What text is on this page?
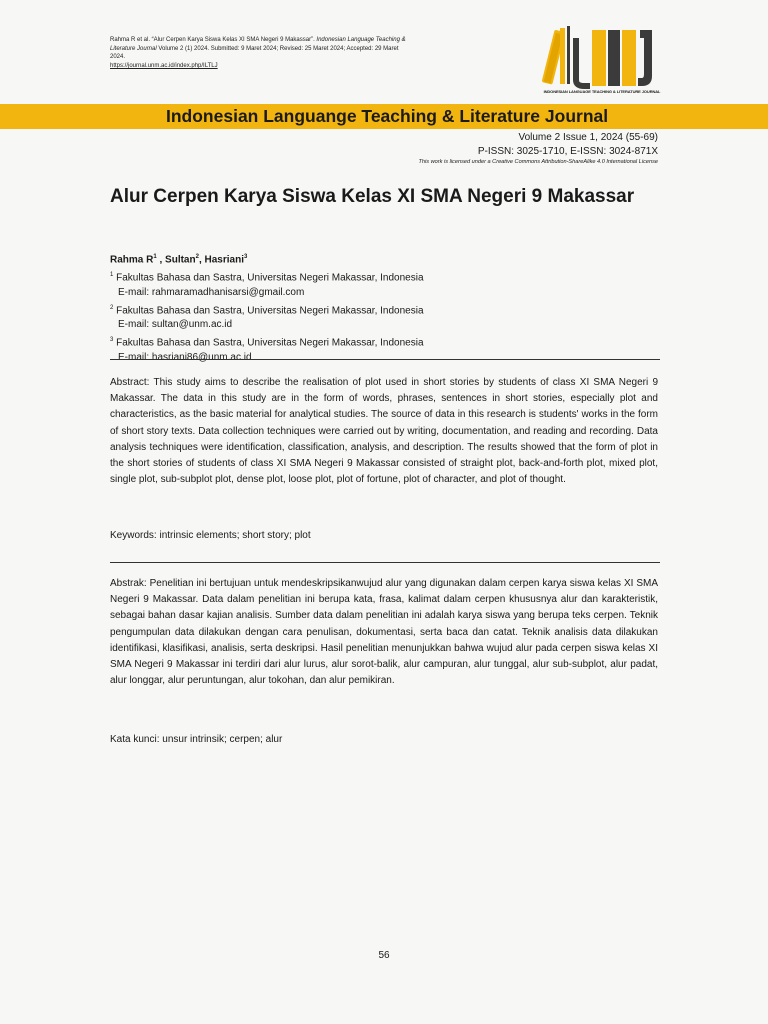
Rahma R et al. “Alur Cerpen Karya Siswa Kelas XI SMA Negeri 9 Makassar”. Indonesian Language Teaching & Literature Journal Volume 2 (1) 2024. Submitted: 9 Maret 2024; Revised: 25 Maret 2024; Accepted: 29 Maret 2024.
https://journal.unm.ac.id/index.php/ILTLJ
INDONESIAN LANGUAGE TEACHING & LITERATURE JOURNAL
Indonesian Languange Teaching & Literature Journal
Volume 2 Issue 1, 2024 (55-69)
P-ISSN: 3025-1710, E-ISSN: 3024-871X
This work is licensed under a Creative Commons Attribution-ShareAlike 4.0 International License
Alur Cerpen Karya Siswa Kelas XI SMA Negeri 9 Makassar
Rahma $R^1$ , Sultan$^2$, Hasriani$^3$
$^1$ Fakultas Bahasa dan Sastra, Universitas Negeri Makassar, Indonesia
E-mail: rahmaramadhanisarsi@gmail.com
$^2$ Fakultas Bahasa dan Sastra, Universitas Negeri Makassar, Indonesia
E-mail: sultan@unm.ac.id
$^3$ Fakultas Bahasa dan Sastra, Universitas Negeri Makassar, Indonesia
E-mail: hasriani86@unm.ac.id

Abstract: This study aims to describe the realisation of plot used in short stories by students of class XI SMA Negeri 9 Makassar. The data in this study are in the form of words, phrases, sentences in short stories, especially plot and characteristics, as the basic material for analytical studies. The source of data in this research is students' works in the form of short story texts. Data collection techniques were carried out by writing, documentation, and reading and recording. Data analysis techniques were identification, classification, analysis, and description. The results showed that the form of plot in the short stories of students of class XI SMA Negeri 9 Makassar consisted of straight plot, back-and-forth plot, mixed plot, single plot, sub-subplot plot, dense plot, loose plot, plot of fortune, plot of character, and plot of thought.

Keywords: intrinsic elements; short story; plot

Abstrak: Penelitian ini bertujuan untuk mendeskripsikanwujud alur yang digunakan dalam cerpen karya siswa kelas XI SMA Negeri 9 Makassar. Data dalam penelitian ini berupa kata, frasa, kalimat dalam cerpen khususnya alur dan karakteristik, sebagai bahan dasar kajian analisis. Sumber data dalam penelitian ini adalah karya siswa yang berupa teks cerpen. Teknik pengumpulan data dilakukan dengan cara penulisan, dokumentasi, serta baca dan catat. Teknik analisis data dilakukan identifikasi, klasifikasi, analisis, serta deskripsi. Hasil penelitian menunjukkan bahwa wujud alur pada cerpen siswa kelas XI SMA Negeri 9 Makassar ini terdiri dari alur lurus, alur sorot-balik, alur campuran, alur tunggal, alur sub-subplot, alur padat, alur longgar, alur peruntungan, alur tokohan, dan alur pemikiran.

Kata kunci: unsur intrinsik; cerpen; alur
56
